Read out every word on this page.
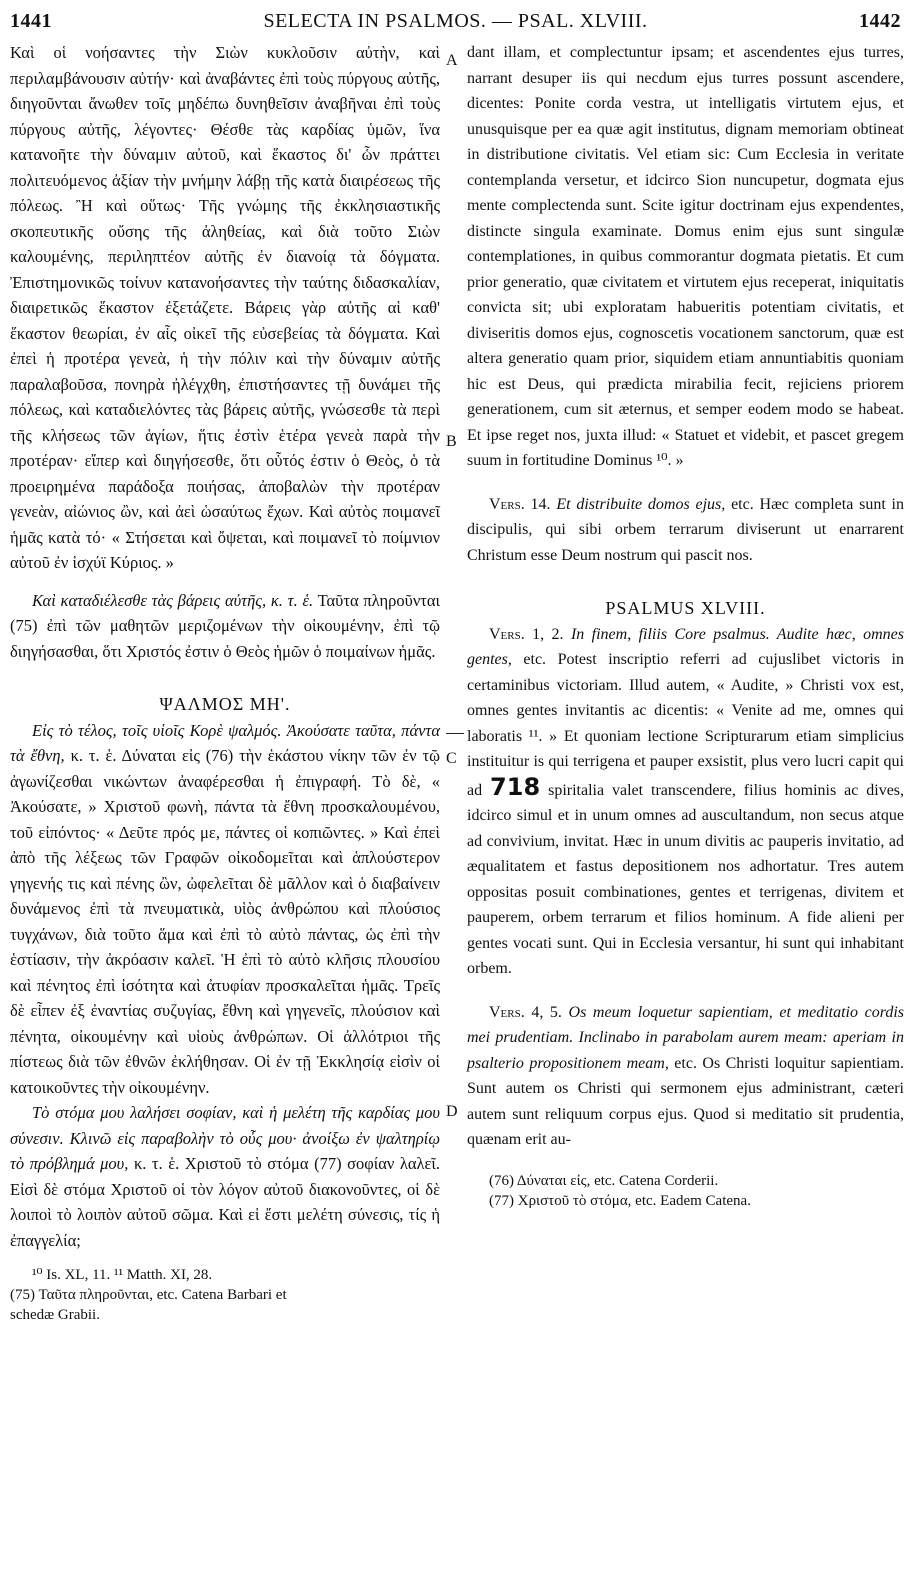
1441	SELECTA IN PSALMOS. — PSAL. XLVIII.	1442
A
B
C
D

Καὶ οἱ νοήσαντες τὴν Σιὼν κυκλοῦσιν αὐτὴν, καὶ περιλαμβάνουσιν αὐτήν· καὶ ἀναβάντες ἐπὶ τοὺς πύργους αὐτῆς, διηγοῦνται ἄνωθεν τοῖς μηδέπω δυνηθεῖσιν ἀναβῆναι ἐπὶ τοὺς πύργους αὐτῆς, λέγοντες· Θέσθε τὰς καρδίας ὑμῶν, ἵνα κατανοῆτε τὴν δύναμιν αὐτοῦ, καὶ ἕκαστος δι' ὧν πράττει πολιτευόμενος ἀξίαν τὴν μνήμην λάβῃ τῆς κατὰ διαιρέσεως τῆς πόλεως. Ἢ καὶ οὕτως· Τῆς γνώμης τῆς ἐκκλησιαστικῆς σκοπευτικῆς οὔσης τῆς ἀληθείας, καὶ διὰ τοῦτο Σιὼν καλουμένης, περιληπτέον αὐτῆς ἐν διανοίᾳ τὰ δόγματα. Ἐπιστημονικῶς τοίνυν κατανοήσαντες τὴν ταύτης διδασκαλίαν, διαιρετικῶς ἕκαστον ἐξετάζετε. Βάρεις γὰρ αὐτῆς αἱ καθ' ἕκαστον θεωρίαι, ἐν αἷς οἰκεῖ τῆς εὐσεβείας τὰ δόγματα. Καὶ ἐπεὶ ἡ προτέρα γενεὰ, ἡ τὴν πόλιν καὶ τὴν δύναμιν αὐτῆς παραλαβοῦσα, πονηρὰ ἠλέγχθη, ἐπιστήσαντες τῇ δυνάμει τῆς πόλεως, καὶ καταδιελόντες τὰς βάρεις αὐτῆς, γνώσεσθε τὰ περὶ τῆς κλήσεως τῶν ἁγίων, ἥτις ἐστὶν ἑτέρα γενεὰ παρὰ τὴν προτέραν· εἴπερ καὶ διηγήσεσθε, ὅτι οὗτός ἐστιν ὁ Θεὸς, ὁ τὰ προειρημένα παράδοξα ποιήσας, ἀποβαλὼν τὴν προτέραν γενεὰν, αἰώνιος ὢν, καὶ ἀεὶ ὡσαύτως ἔχων. Καὶ αὐτὸς ποιμανεῖ ἡμᾶς κατὰ τό· « Στήσεται καὶ ὄψεται, καὶ ποιμανεῖ τὸ ποίμνιον αὐτοῦ ἐν ἰσχύϊ Κύριος. »

Καὶ καταδιέλεσθε τὰς βάρεις αὐτῆς, κ. τ. ἑ. Ταῦτα πληροῦνται (75) ἐπὶ τῶν μαθητῶν μεριζομένων τὴν οἰκουμένην, ἐπὶ τῷ διηγήσασθαι, ὅτι Χριστός ἐστιν ὁ Θεὸς ἡμῶν ὁ ποιμαίνων ἡμᾶς.

ΨΑΛΜΟΣ ΜΗ'.

Εἰς τὸ τέλος, τοῖς υἱοῖς Κορὲ ψαλμός. Ἀκούσατε ταῦτα, πάντα τὰ ἔθνη, κ. τ. ἑ. Δύναται εἰς (76) τὴν ἑκάστου νίκην τῶν ἐν τῷ ἀγωνίζεσθαι νικώντων ἀναφέρεσθαι ἡ ἐπιγραφή. Τὸ δὲ, « Ἀκούσατε, » Χριστοῦ φωνὴ, πάντα τὰ ἔθνη προσκαλουμένου, τοῦ εἰπόντος· « Δεῦτε πρός με, πάντες οἱ κοπιῶντες. » Καὶ ἐπεὶ ἀπὸ τῆς λέξεως τῶν Γραφῶν οἰκοδομεῖται καὶ ἁπλούστερον γηγενής τις καὶ πένης ὢν, ὠφελεῖται δὲ μᾶλλον καὶ ὁ διαβαίνειν δυνάμενος ἐπὶ τὰ πνευματικὰ, υἱὸς ἀνθρώπου καὶ πλούσιος τυγχάνων, διὰ τοῦτο ἅμα καὶ ἐπὶ τὸ αὐτὸ πάντας, ὡς ἐπὶ τὴν ἑστίασιν, τὴν ἀκρόασιν καλεῖ. Ἡ ἐπὶ τὸ αὐτὸ κλῆσις πλουσίου καὶ πένητος ἐπὶ ἰσότητα καὶ ἀτυφίαν προσκαλεῖται ἡμᾶς. Τρεῖς δὲ εἶπεν ἐξ ἐναντίας συζυγίας, ἔθνη καὶ γηγενεῖς, πλούσιον καὶ πένητα, οἰκουμένην καὶ υἱοὺς ἀνθρώπων. Οἱ ἀλλότριοι τῆς πίστεως διὰ τῶν ἐθνῶν ἐκλήθησαν. Οἱ ἐν τῇ Ἐκκλησίᾳ εἰσὶν οἱ κατοικοῦντες τὴν οἰκουμένην.

Τὸ στόμα μου λαλήσει σοφίαν, καὶ ἡ μελέτη τῆς καρδίας μου σύνεσιν. Κλινῶ εἰς παραβολὴν τὸ οὖς μου· ἀνοίξω ἐν ψαλτηρίῳ τὸ πρόβλημά μου, κ. τ. ἑ. Χριστοῦ τὸ στόμα (77) σοφίαν λαλεῖ. Εἰσὶ δὲ στόμα Χριστοῦ οἱ τὸν λόγον αὐτοῦ διακονοῦντες, οἱ δὲ λοιποὶ τὸ λοιπὸν αὐτοῦ σῶμα. Καὶ εἰ ἔστι μελέτη σύνεσις, τίς ἡ ἐπαγγελία;

¹⁰ Is. XL, 11. ¹¹ Matth. XI, 28.

(75) Ταῦτα πληροῦνται, etc. Catena Barbari et

schedæ Grabii.

dant illam, et complectuntur ipsam; et ascendentes ejus turres, narrant desuper iis qui necdum ejus turres possunt ascendere, dicentes: Ponite corda vestra, ut intelligatis virtutem ejus, et unusquisque per ea quæ agit institutus, dignam memoriam obtineat in distributione civitatis. Vel etiam sic: Cum Ecclesia in veritate contemplanda versetur, et idcirco Sion nuncupetur, dogmata ejus mente complectenda sunt. Scite igitur doctrinam ejus expendentes, distincte singula examinate. Domus enim ejus sunt singulæ contemplationes, in quibus commorantur dogmata pietatis. Et cum prior generatio, quæ civitatem et virtutem ejus receperat, iniquitatis convicta sit; ubi exploratam habueritis potentiam civitatis, et diviseritis domos ejus, cognoscetis vocationem sanctorum, quæ est altera generatio quam prior, siquidem etiam annuntiabitis quoniam hic est Deus, qui prædicta mirabilia fecit, rejiciens priorem generationem, cum sit æternus, et semper eodem modo se habeat. Et ipse reget nos, juxta illud: « Statuet et videbit, et pascet gregem suum in fortitudine Dominus ¹⁰. »

Vers. 14. Et distribuite domos ejus, etc. Hæc completa sunt in discipulis, qui sibi orbem terrarum diviserunt ut enarrarent Christum esse Deum nostrum qui pascit nos.

PSALMUS XLVIII.

Vers. 1, 2. In finem, filiis Core psalmus. Audite hæc, omnes gentes, etc. Potest inscriptio referri ad cujuslibet victoris in certaminibus victoriam. Illud autem, « Audite, » Christi vox est, omnes gentes invitantis ac dicentis: « Venite ad me, omnes qui laboratis ¹¹. » Et quoniam lectione Scripturarum etiam simplicius instituitur is qui terrigena et pauper exsistit, plus vero lucri capit qui ad 718 spiritalia valet transcendere, filius hominis ac dives, idcirco simul et in unum omnes ad auscultandum, non secus atque ad convivium, invitat. Hæc in unum divitis ac pauperis invitatio, ad æqualitatem et fastus depositionem nos adhortatur. Tres autem oppositas posuit combinationes, gentes et terrigenas, divitem et pauperem, orbem terrarum et filios hominum. A fide alieni per gentes vocati sunt. Qui in Ecclesia versantur, hi sunt qui inhabitant orbem.

Vers. 4, 5. Os meum loquetur sapientiam, et meditatio cordis mei prudentiam. Inclinabo in parabolam aurem meam: aperiam in psalterio propositionem meam, etc. Os Christi loquitur sapientiam. Sunt autem os Christi qui sermonem ejus administrant, cæteri autem sunt reliquum corpus ejus. Quod si meditatio sit prudentia, quænam erit au-

(76) Δύναται εἰς, etc. Catena Corderii.

(77) Χριστοῦ τὸ στόμα, etc. Eadem Catena.
